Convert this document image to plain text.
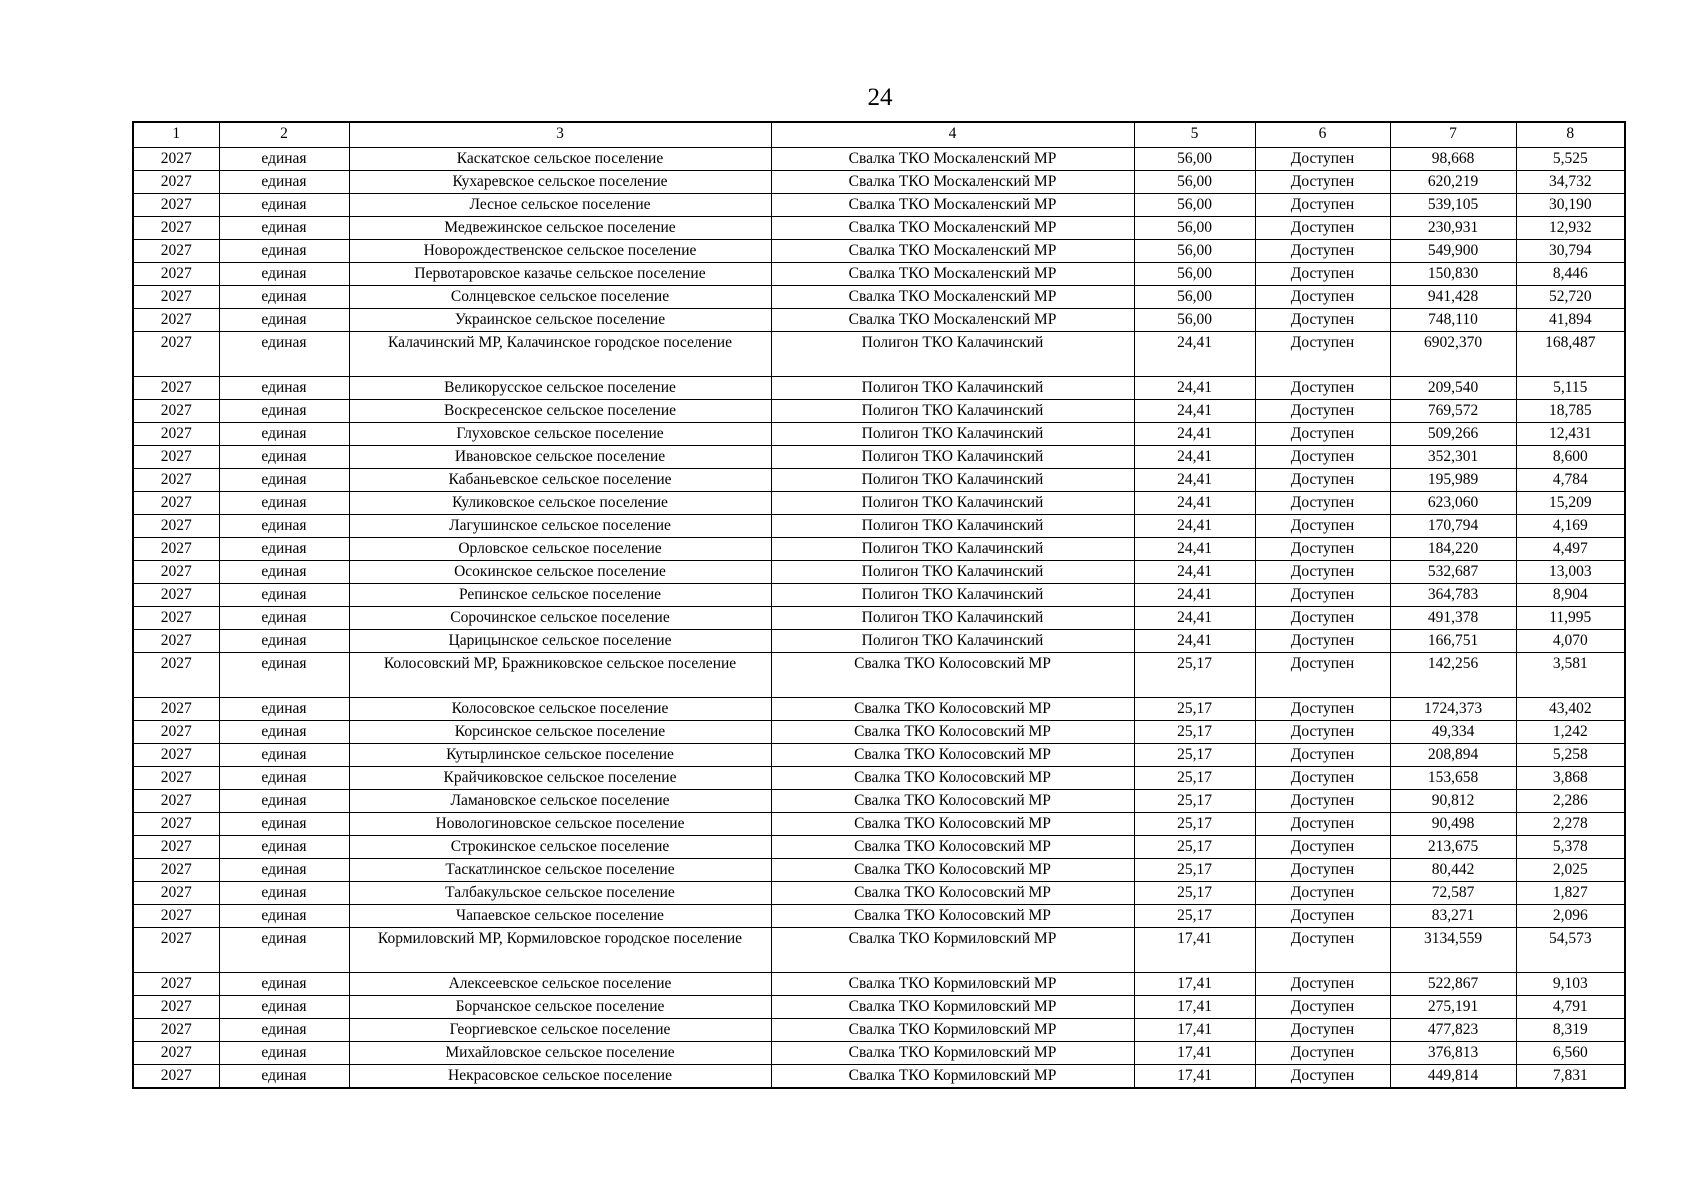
24
1	2	3	4	5	6	7	8
2027	единая	Каскатское сельское поселение	Свалка ТКО Москаленский МР	56,00	Доступен	98,668	5,525
2027	единая	Кухаревское сельское поселение	Свалка ТКО Москаленский МР	56,00	Доступен	620,219	34,732
2027	единая	Лесное сельское поселение	Свалка ТКО Москаленский МР	56,00	Доступен	539,105	30,190
2027	единая	Медвежинское сельское поселение	Свалка ТКО Москаленский МР	56,00	Доступен	230,931	12,932
2027	единая	Новорождественское сельское поселение	Свалка ТКО Москаленский МР	56,00	Доступен	549,900	30,794
2027	единая	Первотаровское казачье сельское поселение	Свалка ТКО Москаленский МР	56,00	Доступен	150,830	8,446
2027	единая	Солнцевское сельское поселение	Свалка ТКО Москаленский МР	56,00	Доступен	941,428	52,720
2027	единая	Украинское сельское поселение	Свалка ТКО Москаленский МР	56,00	Доступен	748,110	41,894
2027	единая	Калачинский МР, Калачинское городское поселение	Полигон ТКО Калачинский	24,41	Доступен	6902,370	168,487
2027	единая	Великорусское сельское поселение	Полигон ТКО Калачинский	24,41	Доступен	209,540	5,115
2027	единая	Воскресенское сельское поселение	Полигон ТКО Калачинский	24,41	Доступен	769,572	18,785
2027	единая	Глуховское сельское поселение	Полигон ТКО Калачинский	24,41	Доступен	509,266	12,431
2027	единая	Ивановское сельское поселение	Полигон ТКО Калачинский	24,41	Доступен	352,301	8,600
2027	единая	Кабаньевское сельское поселение	Полигон ТКО Калачинский	24,41	Доступен	195,989	4,784
2027	единая	Куликовское сельское поселение	Полигон ТКО Калачинский	24,41	Доступен	623,060	15,209
2027	единая	Лагушинское сельское поселение	Полигон ТКО Калачинский	24,41	Доступен	170,794	4,169
2027	единая	Орловское сельское поселение	Полигон ТКО Калачинский	24,41	Доступен	184,220	4,497
2027	единая	Осокинское сельское поселение	Полигон ТКО Калачинский	24,41	Доступен	532,687	13,003
2027	единая	Репинское сельское поселение	Полигон ТКО Калачинский	24,41	Доступен	364,783	8,904
2027	единая	Сорочинское сельское поселение	Полигон ТКО Калачинский	24,41	Доступен	491,378	11,995
2027	единая	Царицынское сельское поселение	Полигон ТКО Калачинский	24,41	Доступен	166,751	4,070
2027	единая	Колосовский МР, Бражниковское сельское поселение	Свалка ТКО Колосовский МР	25,17	Доступен	142,256	3,581
2027	единая	Колосовское сельское поселение	Свалка ТКО Колосовский МР	25,17	Доступен	1724,373	43,402
2027	единая	Корсинское сельское поселение	Свалка ТКО Колосовский МР	25,17	Доступен	49,334	1,242
2027	единая	Кутырлинское сельское поселение	Свалка ТКО Колосовский МР	25,17	Доступен	208,894	5,258
2027	единая	Крайчиковское сельское поселение	Свалка ТКО Колосовский МР	25,17	Доступен	153,658	3,868
2027	единая	Ламановское сельское поселение	Свалка ТКО Колосовский МР	25,17	Доступен	90,812	2,286
2027	единая	Новологиновское сельское поселение	Свалка ТКО Колосовский МР	25,17	Доступен	90,498	2,278
2027	единая	Строкинское сельское поселение	Свалка ТКО Колосовский МР	25,17	Доступен	213,675	5,378
2027	единая	Таскатлинское сельское поселение	Свалка ТКО Колосовский МР	25,17	Доступен	80,442	2,025
2027	единая	Талбакульское сельское поселение	Свалка ТКО Колосовский МР	25,17	Доступен	72,587	1,827
2027	единая	Чапаевское сельское поселение	Свалка ТКО Колосовский МР	25,17	Доступен	83,271	2,096
2027	единая	Кормиловский МР, Кормиловское городское поселение	Свалка ТКО Кормиловский МР	17,41	Доступен	3134,559	54,573
2027	единая	Алексеевское сельское поселение	Свалка ТКО Кормиловский МР	17,41	Доступен	522,867	9,103
2027	единая	Борчанское сельское поселение	Свалка ТКО Кормиловский МР	17,41	Доступен	275,191	4,791
2027	единая	Георгиевское сельское поселение	Свалка ТКО Кормиловский МР	17,41	Доступен	477,823	8,319
2027	единая	Михайловское сельское поселение	Свалка ТКО Кормиловский МР	17,41	Доступен	376,813	6,560
2027	единая	Некрасовское сельское поселение	Свалка ТКО Кормиловский МР	17,41	Доступен	449,814	7,831
